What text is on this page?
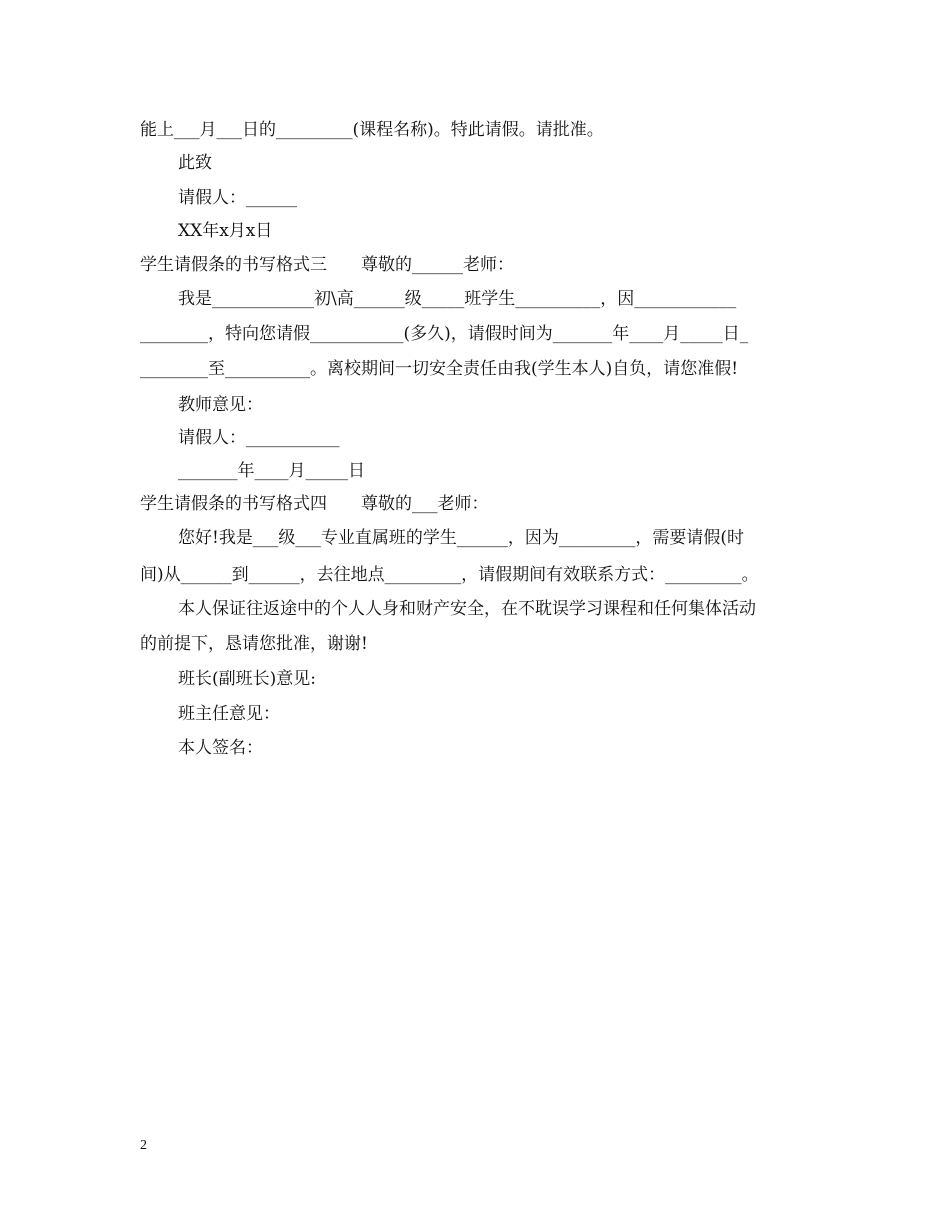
能上___月___日的_________(课程名称)。特此请假。请批准。
此致
请假人：______
XX年x月x日
学生请假条的书写格式三　　尊敬的______老师：
我是____________初\高______级_____班学生__________，因____________
________，特向您请假___________(多久)，请假时间为_______年____月_____日_
________至__________。离校期间一切安全责任由我(学生本人)自负，请您准假!
教师意见：
请假人：___________
_______年____月_____日
学生请假条的书写格式四　　尊敬的___老师：
您好!我是___级___专业直属班的学生______，因为_________，需要请假(时
间)从______到______，去往地点_________，请假期间有效联系方式：_________。
本人保证往返途中的个人人身和财产安全，在不耽误学习课程和任何集体活动
的前提下，恳请您批准，谢谢!
班长(副班长)意见:
班主任意见：
本人签名：
2
